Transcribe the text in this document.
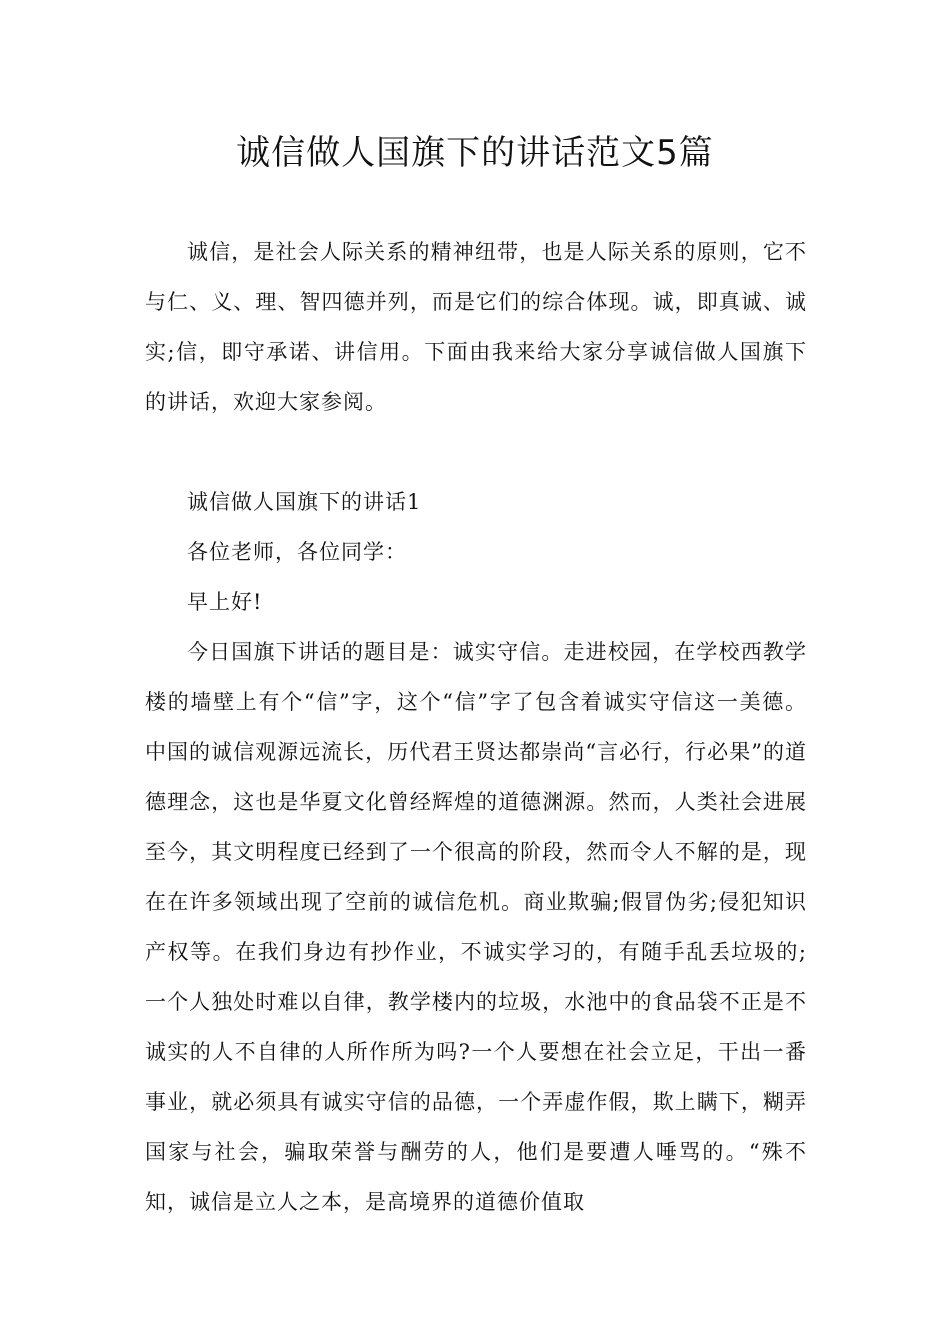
诚信做人国旗下的讲话范文5篇

诚信，是社会人际关系的精神纽带，也是人际关系的原则，它不与仁、义、理、智四德并列，而是它们的综合体现。诚，即真诚、诚实;信，即守承诺、讲信用。下面由我来给大家分享诚信做人国旗下的讲话，欢迎大家参阅。

诚信做人国旗下的讲话1

各位老师，各位同学：

早上好!

今日国旗下讲话的题目是：诚实守信。走进校园，在学校西教学楼的墙壁上有个“信”字，这个“信”字了包含着诚实守信这一美德。中国的诚信观源远流长，历代君王贤达都崇尚“言必行，行必果”的道德理念，这也是华夏文化曾经辉煌的道德渊源。然而，人类社会进展至今，其文明程度已经到了一个很高的阶段，然而令人不解的是，现在在许多领域出现了空前的诚信危机。商业欺骗;假冒伪劣;侵犯知识产权等。在我们身边有抄作业，不诚实学习的，有随手乱丢垃圾的;一个人独处时难以自律，教学楼内的垃圾，水池中的食品袋不正是不诚实的人不自律的人所作所为吗?一个人要想在社会立足，干出一番事业，就必须具有诚实守信的品德，一个弄虚作假，欺上瞒下，糊弄国家与社会，骗取荣誉与酬劳的人，他们是要遭人唾骂的。“殊不知，诚信是立人之本，是高境界的道德价值取
